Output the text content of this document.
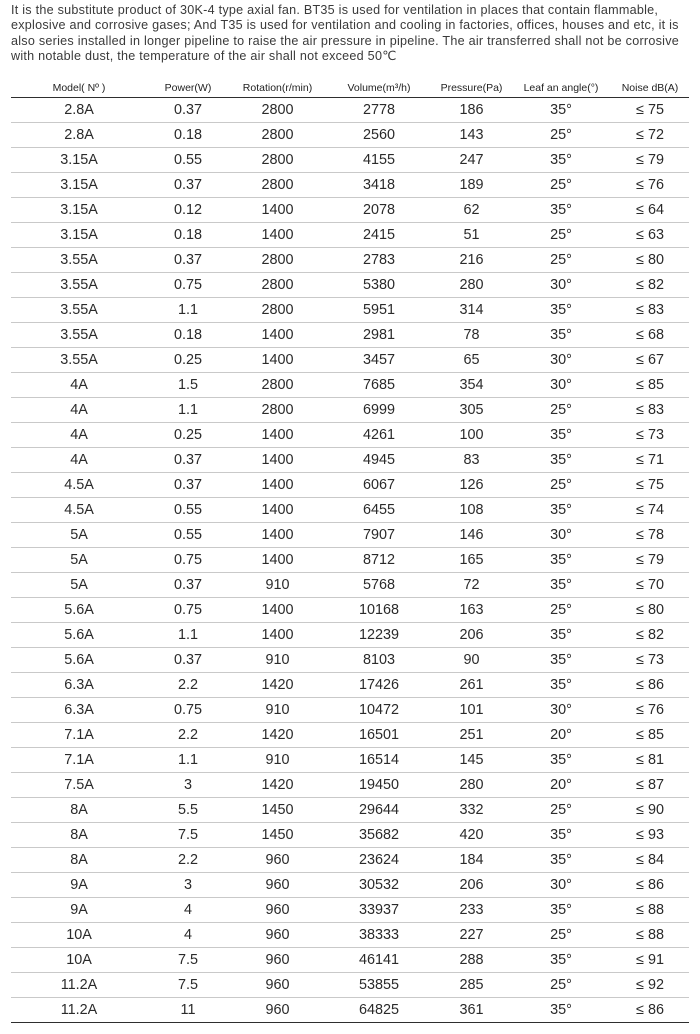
It is the substitute product of 30K-4 type axial fan. BT35 is used for ventilation in places that contain flammable, explosive and corrosive gases; And T35 is used for ventilation and cooling in factories, offices, houses and etc, it is also series installed in longer pipeline to raise the air pressure in pipeline. The air transferred shall not be corrosive with notable dust, the temperature of the air shall not exceed 50℃

Model( Nº )	Power(W)	Rotation(r/min)	Volume(m³/h)	Pressure(Pa)	Leaf an angle(°)	Noise dB(A)
2.8A	0.37	2800	2778	186	35°	≤ 75
2.8A	0.18	2800	2560	143	25°	≤ 72
3.15A	0.55	2800	4155	247	35°	≤ 79
3.15A	0.37	2800	3418	189	25°	≤ 76
3.15A	0.12	1400	2078	62	35°	≤ 64
3.15A	0.18	1400	2415	51	25°	≤ 63
3.55A	0.37	2800	2783	216	25°	≤ 80
3.55A	0.75	2800	5380	280	30°	≤ 82
3.55A	1.1	2800	5951	314	35°	≤ 83
3.55A	0.18	1400	2981	78	35°	≤ 68
3.55A	0.25	1400	3457	65	30°	≤ 67
4A	1.5	2800	7685	354	30°	≤ 85
4A	1.1	2800	6999	305	25°	≤ 83
4A	0.25	1400	4261	100	35°	≤ 73
4A	0.37	1400	4945	83	35°	≤ 71
4.5A	0.37	1400	6067	126	25°	≤ 75
4.5A	0.55	1400	6455	108	35°	≤ 74
5A	0.55	1400	7907	146	30°	≤ 78
5A	0.75	1400	8712	165	35°	≤ 79
5A	0.37	910	5768	72	35°	≤ 70
5.6A	0.75	1400	10168	163	25°	≤ 80
5.6A	1.1	1400	12239	206	35°	≤ 82
5.6A	0.37	910	8103	90	35°	≤ 73
6.3A	2.2	1420	17426	261	35°	≤ 86
6.3A	0.75	910	10472	101	30°	≤ 76
7.1A	2.2	1420	16501	251	20°	≤ 85
7.1A	1.1	910	16514	145	35°	≤ 81
7.5A	3	1420	19450	280	20°	≤ 87
8A	5.5	1450	29644	332	25°	≤ 90
8A	7.5	1450	35682	420	35°	≤ 93
8A	2.2	960	23624	184	35°	≤ 84
9A	3	960	30532	206	30°	≤ 86
9A	4	960	33937	233	35°	≤ 88
10A	4	960	38333	227	25°	≤ 88
10A	7.5	960	46141	288	35°	≤ 91
11.2A	7.5	960	53855	285	25°	≤ 92
11.2A	11	960	64825	361	35°	≤ 86
